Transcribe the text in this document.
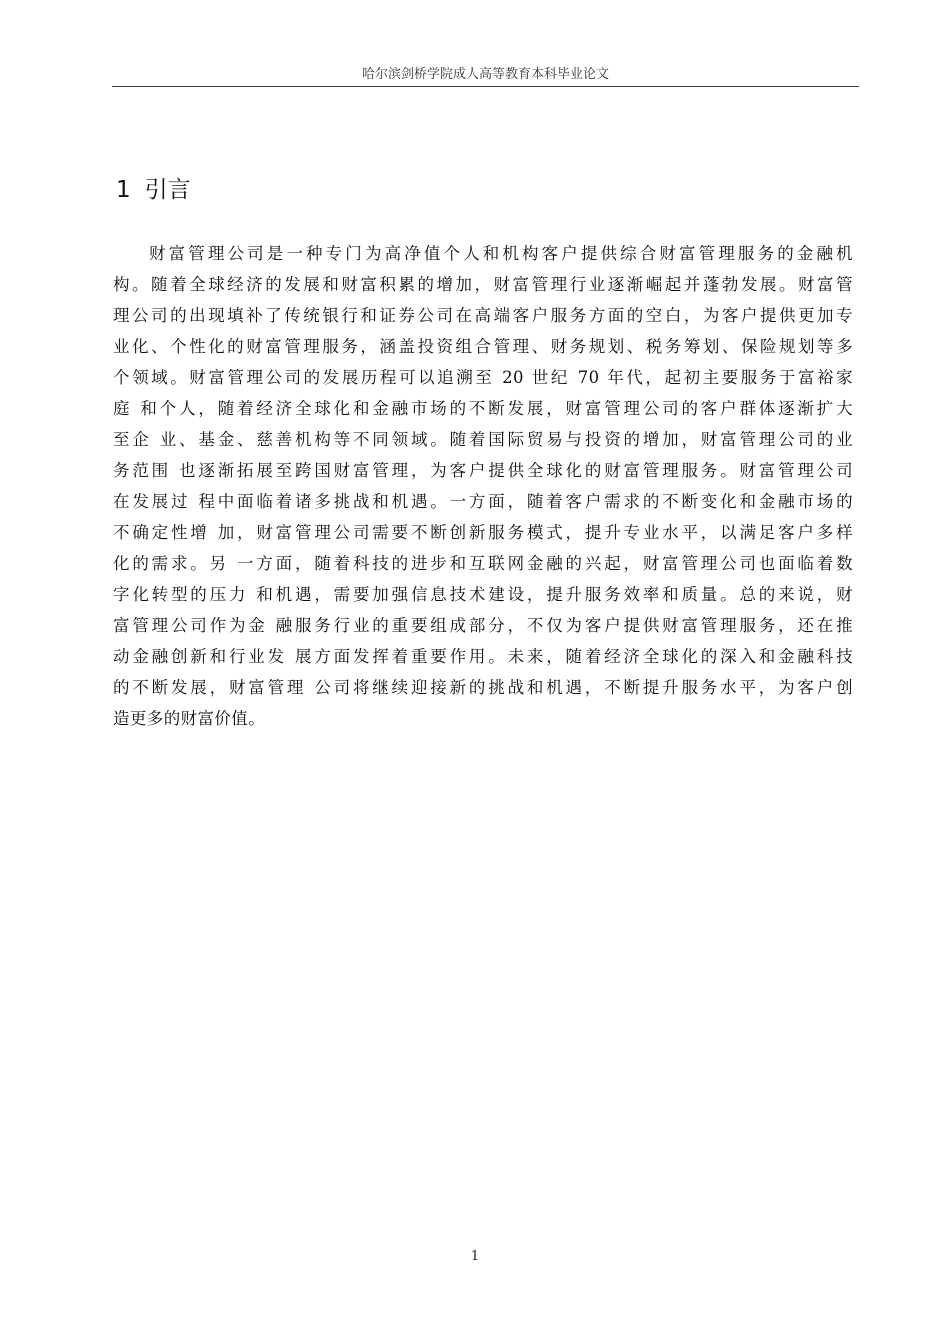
哈尔滨剑桥学院成人高等教育本科毕业论文
1 引言

财富管理公司是一种专门为高净值个人和机构客户提供综合财富管理服务的金融机
构。随着全球经济的发展和财富积累的增加，财富管理行业逐渐崛起并蓬勃发展。财富管
理公司的出现填补了传统银行和证券公司在高端客户服务方面的空白，为客户提供更加专
业化、个性化的财富管理服务，涵盖投资组合管理、财务规划、税务筹划、保险规划等多
个领域。财富管理公司的发展历程可以追溯至 20 世纪 70 年代，起初主要服务于富裕家
庭 和个人，随着经济全球化和金融市场的不断发展，财富管理公司的客户群体逐渐扩大
至企 业、基金、慈善机构等不同领域。随着国际贸易与投资的增加，财富管理公司的业
务范围 也逐渐拓展至跨国财富管理，为客户提供全球化的财富管理服务。财富管理公司
在发展过 程中面临着诸多挑战和机遇。一方面，随着客户需求的不断变化和金融市场的
不确定性增 加，财富管理公司需要不断创新服务模式，提升专业水平，以满足客户多样
化的需求。另 一方面，随着科技的进步和互联网金融的兴起，财富管理公司也面临着数
字化转型的压力 和机遇，需要加强信息技术建设，提升服务效率和质量。总的来说，财
富管理公司作为金 融服务行业的重要组成部分，不仅为客户提供财富管理服务，还在推
动金融创新和行业发 展方面发挥着重要作用。未来，随着经济全球化的深入和金融科技
的不断发展，财富管理 公司将继续迎接新的挑战和机遇，不断提升服务水平，为客户创
造更多的财富价值。

1
